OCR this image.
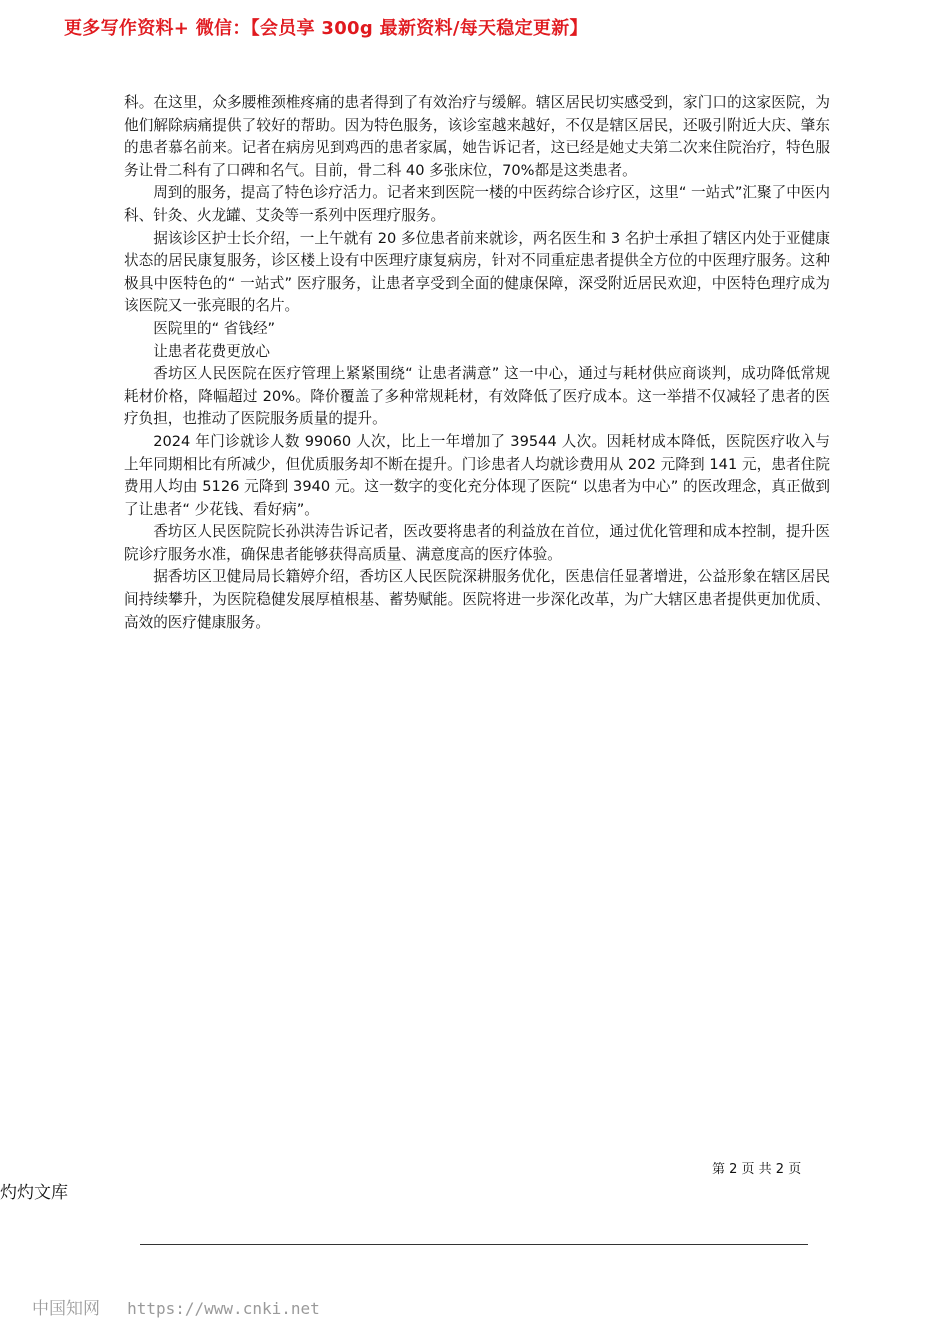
更多写作资料+ 微信：【会员享 300g 最新资料/每天稳定更新】

科。在这里，众多腰椎颈椎疼痛的患者得到了有效治疗与缓解。辖区居民切实感受到，家门口的这家医院，为他们解除病痛提供了较好的帮助。因为特色服务，该诊室越来越好，不仅是辖区居民，还吸引附近大庆、肇东的患者慕名前来。记者在病房见到鸡西的患者家属，她告诉记者，这已经是她丈夫第二次来住院治疗，特色服务让骨二科有了口碑和名气。目前，骨二科 40 多张床位，70%都是这类患者。

周到的服务，提高了特色诊疗活力。记者来到医院一楼的中医药综合诊疗区，这里“ 一站式”汇聚了中医内科、针灸、火龙罐、艾灸等一系列中医理疗服务。

据该诊区护士长介绍，一上午就有 20 多位患者前来就诊，两名医生和 3 名护士承担了辖区内处于亚健康状态的居民康复服务，诊区楼上设有中医理疗康复病房，针对不同重症患者提供全方位的中医理疗服务。这种极具中医特色的“ 一站式” 医疗服务，让患者享受到全面的健康保障，深受附近居民欢迎，中医特色理疗成为该医院又一张亮眼的名片。

医院里的“ 省钱经”

让患者花费更放心

香坊区人民医院在医疗管理上紧紧围绕“ 让患者满意” 这一中心，通过与耗材供应商谈判，成功降低常规耗材价格，降幅超过 20%。降价覆盖了多种常规耗材，有效降低了医疗成本。这一举措不仅减轻了患者的医疗负担，也推动了医院服务质量的提升。

2024 年门诊就诊人数 99060 人次，比上一年增加了 39544 人次。因耗材成本降低，医院医疗收入与上年同期相比有所减少，但优质服务却不断在提升。门诊患者人均就诊费用从 202 元降到 141 元，患者住院费用人均由 5126 元降到 3940 元。这一数字的变化充分体现了医院“ 以患者为中心” 的医改理念，真正做到了让患者“ 少花钱、看好病”。

香坊区人民医院院长孙洪涛告诉记者，医改要将患者的利益放在首位，通过优化管理和成本控制，提升医院诊疗服务水准，确保患者能够获得高质量、满意度高的医疗体验。

据香坊区卫健局局长籍婷介绍，香坊区人民医院深耕服务优化，医患信任显著增进，公益形象在辖区居民间持续攀升，为医院稳健发展厚植根基、蓄势赋能。医院将进一步深化改革，为广大辖区患者提供更加优质、高效的医疗健康服务。

第 2 页 共 2 页
灼灼文库
中国知网 https://www.cnki.net
